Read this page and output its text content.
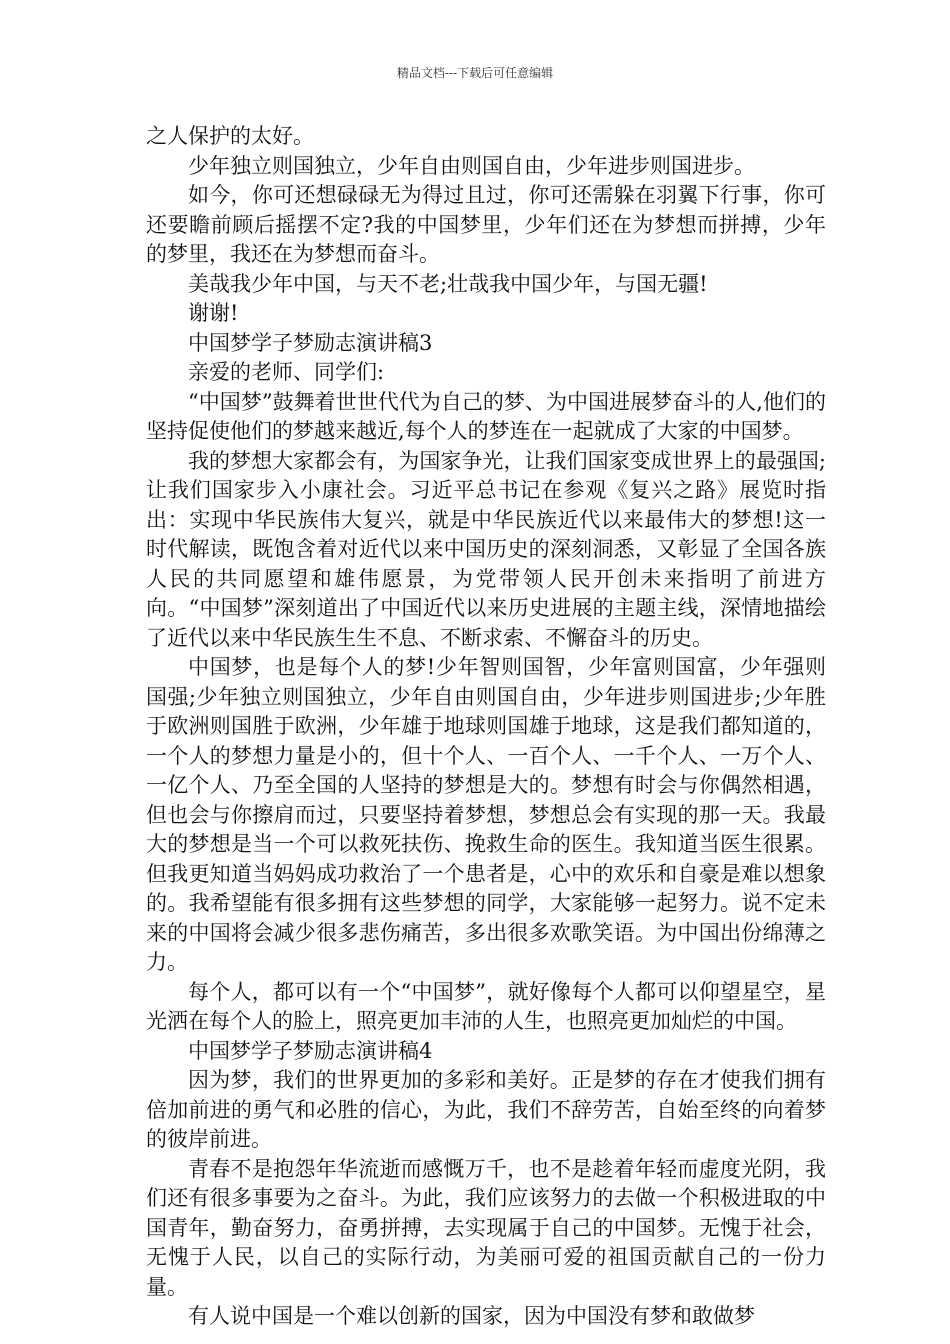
精品文档---下载后可任意编辑

之人保护的太好。

少年独立则国独立，少年自由则国自由，少年进步则国进步。

如今，你可还想碌碌无为得过且过，你可还需躲在羽翼下行事，你可还要瞻前顾后摇摆不定?我的中国梦里，少年们还在为梦想而拼搏，少年的梦里，我还在为梦想而奋斗。

美哉我少年中国，与天不老;壮哉我中国少年，与国无疆!

谢谢!

中国梦学子梦励志演讲稿3

亲爱的老师、同学们:

“中国梦”鼓舞着世世代代为自己的梦、为中国进展梦奋斗的人,他们的坚持促使他们的梦越来越近,每个人的梦连在一起就成了大家的中国梦。

我的梦想大家都会有，为国家争光，让我们国家变成世界上的最强国;让我们国家步入小康社会。习近平总书记在参观《复兴之路》展览时指出：实现中华民族伟大复兴，就是中华民族近代以来最伟大的梦想!这一时代解读，既饱含着对近代以来中国历史的深刻洞悉，又彰显了全国各族人民的共同愿望和雄伟愿景，为党带领人民开创未来指明了前进方向。“中国梦”深刻道出了中国近代以来历史进展的主题主线，深情地描绘了近代以来中华民族生生不息、不断求索、不懈奋斗的历史。

中国梦，也是每个人的梦!少年智则国智，少年富则国富，少年强则国强;少年独立则国独立，少年自由则国自由，少年进步则国进步;少年胜于欧洲则国胜于欧洲，少年雄于地球则国雄于地球，这是我们都知道的，一个人的梦想力量是小的，但十个人、一百个人、一千个人、一万个人、一亿个人、乃至全国的人坚持的梦想是大的。梦想有时会与你偶然相遇，但也会与你擦肩而过，只要坚持着梦想，梦想总会有实现的那一天。我最大的梦想是当一个可以救死扶伤、挽救生命的医生。我知道当医生很累。但我更知道当妈妈成功救治了一个患者是，心中的欢乐和自豪是难以想象的。我希望能有很多拥有这些梦想的同学，大家能够一起努力。说不定未来的中国将会减少很多悲伤痛苦，多出很多欢歌笑语。为中国出份绵薄之力。

每个人，都可以有一个“中国梦”，就好像每个人都可以仰望星空，星光洒在每个人的脸上，照亮更加丰沛的人生，也照亮更加灿烂的中国。

中国梦学子梦励志演讲稿4

因为梦，我们的世界更加的多彩和美好。正是梦的存在才使我们拥有倍加前进的勇气和必胜的信心，为此，我们不辞劳苦，自始至终的向着梦的彼岸前进。

青春不是抱怨年华流逝而感慨万千，也不是趁着年轻而虚度光阴，我们还有很多事要为之奋斗。为此，我们应该努力的去做一个积极进取的中国青年，勤奋努力，奋勇拼搏，去实现属于自己的中国梦。无愧于社会，无愧于人民，以自己的实际行动，为美丽可爱的祖国贡献自己的一份力量。

有人说中国是一个难以创新的国家，因为中国没有梦和敢做梦
